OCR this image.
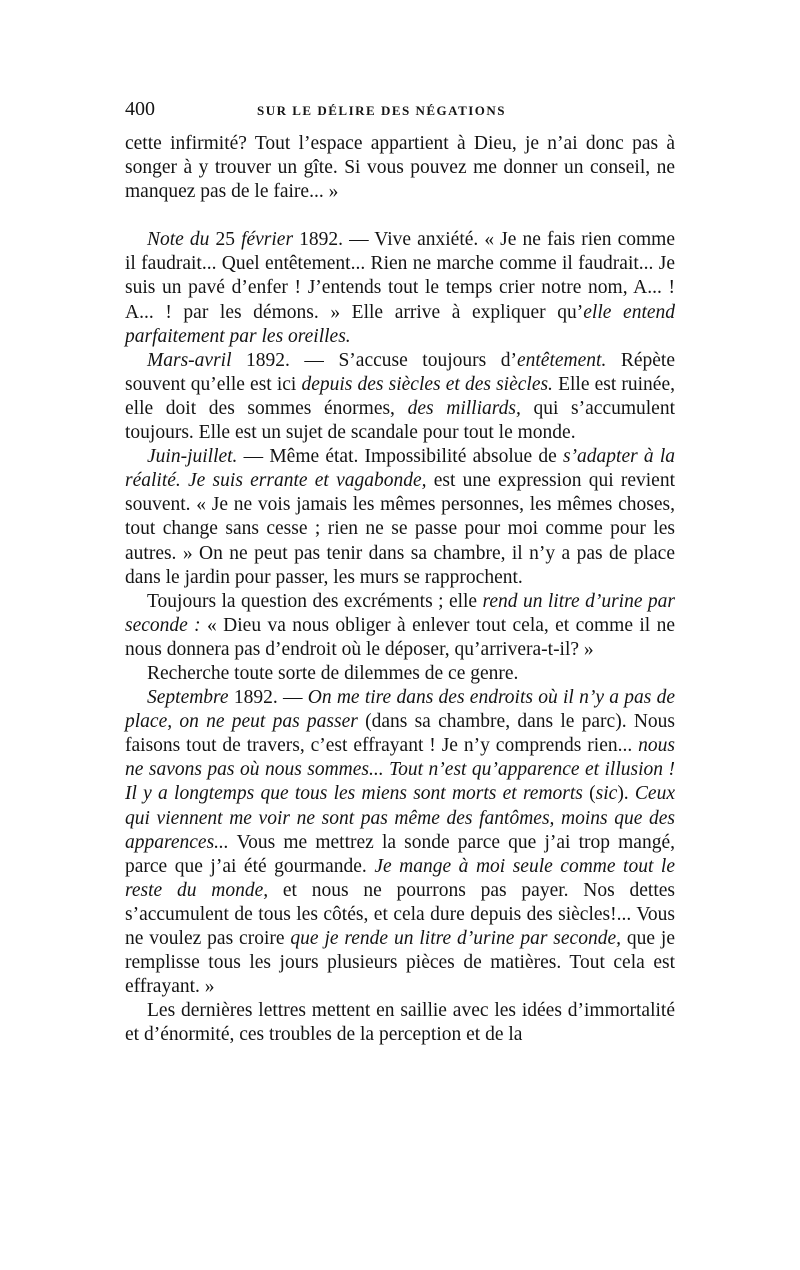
400	SUR LE DÉLIRE DES NÉGATIONS

cette infirmité? Tout l’espace appartient à Dieu, je n’ai donc pas à songer à y trouver un gîte. Si vous pouvez me donner un conseil, ne manquez pas de le faire... »

Note du 25 février 1892. — Vive anxiété. « Je ne fais rien comme il faudrait... Quel entêtement... Rien ne marche comme il faudrait... Je suis un pavé d’enfer ! J’entends tout le temps crier notre nom, A... ! A... ! par les démons. » Elle arrive à expliquer qu’elle entend parfaitement par les oreilles.

Mars-avril 1892. — S’accuse toujours d’entêtement. Répète souvent qu’elle est ici depuis des siècles et des siècles. Elle est ruinée, elle doit des sommes énormes, des milliards, qui s’accumulent toujours. Elle est un sujet de scandale pour tout le monde.

Juin-juillet. — Même état. Impossibilité absolue de s’adapter à la réalité. Je suis errante et vagabonde, est une expression qui revient souvent. « Je ne vois jamais les mêmes personnes, les mêmes choses, tout change sans cesse ; rien ne se passe pour moi comme pour les autres. » On ne peut pas tenir dans sa chambre, il n’y a pas de place dans le jardin pour passer, les murs se rapprochent.

Toujours la question des excréments ; elle rend un litre d’urine par seconde : « Dieu va nous obliger à enlever tout cela, et comme il ne nous donnera pas d’endroit où le déposer, qu’arrivera-t-il? »

Recherche toute sorte de dilemmes de ce genre.

Septembre 1892. — On me tire dans des endroits où il n’y a pas de place, on ne peut pas passer (dans sa chambre, dans le parc). Nous faisons tout de travers, c’est effrayant ! Je n’y comprends rien... nous ne savons pas où nous sommes... Tout n’est qu’apparence et illusion ! Il y a longtemps que tous les miens sont morts et remorts (sic). Ceux qui viennent me voir ne sont pas même des fantômes, moins que des apparences... Vous me mettrez la sonde parce que j’ai trop mangé, parce que j’ai été gourmande. Je mange à moi seule comme tout le reste du monde, et nous ne pourrons pas payer. Nos dettes s’accumulent de tous les côtés, et cela dure depuis des siècles!... Vous ne voulez pas croire que je rende un litre d’urine par seconde, que je remplisse tous les jours plusieurs pièces de matières. Tout cela est effrayant. »

Les dernières lettres mettent en saillie avec les idées d’immortalité et d’énormité, ces troubles de la perception et de la
